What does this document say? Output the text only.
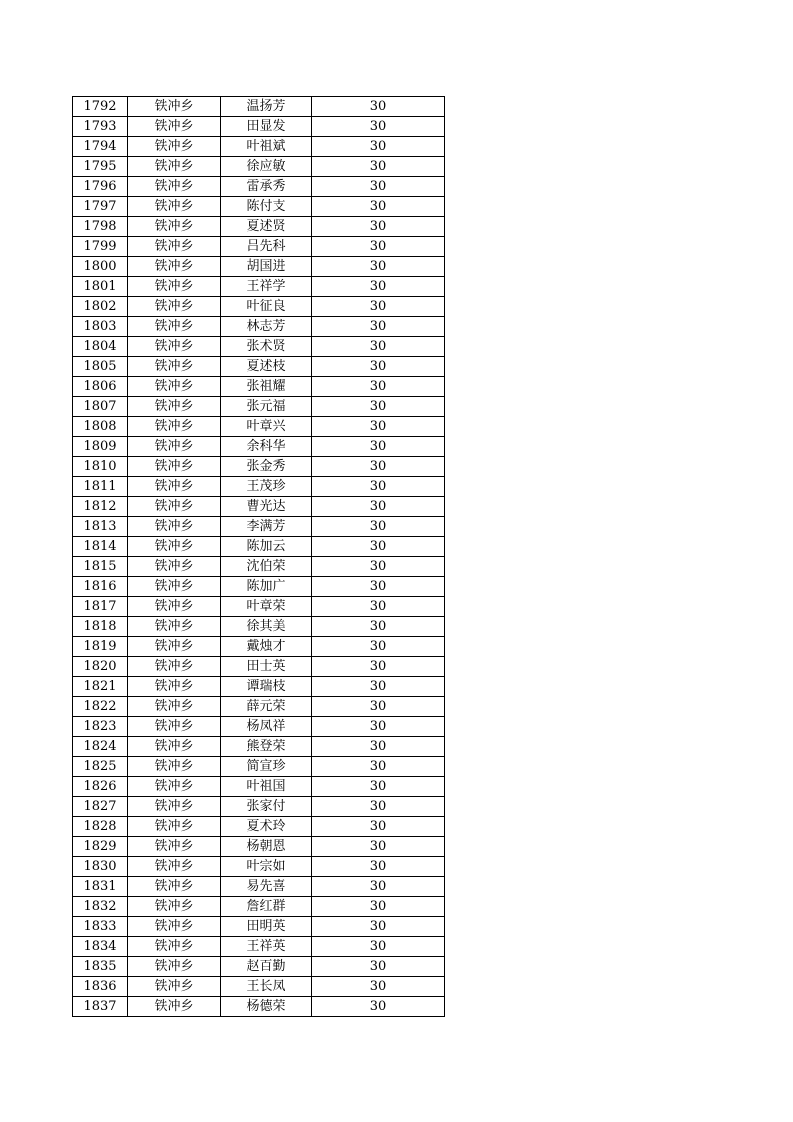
1792	铁冲乡	温扬芳	30
1793	铁冲乡	田显发	30
1794	铁冲乡	叶祖斌	30
1795	铁冲乡	徐应敏	30
1796	铁冲乡	雷承秀	30
1797	铁冲乡	陈付支	30
1798	铁冲乡	夏述贤	30
1799	铁冲乡	吕先科	30
1800	铁冲乡	胡国进	30
1801	铁冲乡	王祥学	30
1802	铁冲乡	叶征良	30
1803	铁冲乡	林志芳	30
1804	铁冲乡	张术贤	30
1805	铁冲乡	夏述枝	30
1806	铁冲乡	张祖耀	30
1807	铁冲乡	张元福	30
1808	铁冲乡	叶章兴	30
1809	铁冲乡	余科华	30
1810	铁冲乡	张金秀	30
1811	铁冲乡	王茂珍	30
1812	铁冲乡	曹光达	30
1813	铁冲乡	李满芳	30
1814	铁冲乡	陈加云	30
1815	铁冲乡	沈伯荣	30
1816	铁冲乡	陈加广	30
1817	铁冲乡	叶章荣	30
1818	铁冲乡	徐其美	30
1819	铁冲乡	戴烛才	30
1820	铁冲乡	田士英	30
1821	铁冲乡	谭瑞枝	30
1822	铁冲乡	薛元荣	30
1823	铁冲乡	杨凤祥	30
1824	铁冲乡	熊登荣	30
1825	铁冲乡	简宣珍	30
1826	铁冲乡	叶祖国	30
1827	铁冲乡	张家付	30
1828	铁冲乡	夏术玲	30
1829	铁冲乡	杨朝恩	30
1830	铁冲乡	叶宗如	30
1831	铁冲乡	易先喜	30
1832	铁冲乡	詹红群	30
1833	铁冲乡	田明英	30
1834	铁冲乡	王祥英	30
1835	铁冲乡	赵百勤	30
1836	铁冲乡	王长凤	30
1837	铁冲乡	杨德荣	30
